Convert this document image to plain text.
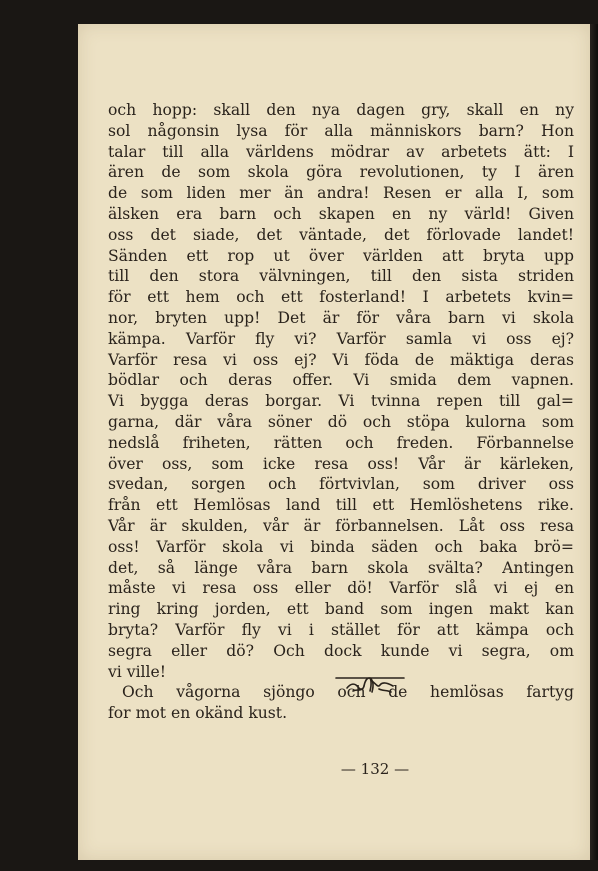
och hopp: skall den nya dagen gry, skall en ny
sol någonsin lysa för alla människors barn? Hon
talar till alla världens mödrar av arbetets ätt: I
ären de som skola göra revolutionen, ty I ären
de som liden mer än andra! Resen er alla I, som
älsken era barn och skapen en ny värld! Given
oss det siade, det väntade, det förlovade landet!
Sänden ett rop ut över världen att bryta upp
till den stora välvningen, till den sista striden
för ett hem och ett fosterland! I arbetets kvin=
nor, bryten upp! Det är för våra barn vi skola
kämpa. Varför fly vi? Varför samla vi oss ej?
Varför resa vi oss ej? Vi föda de mäktiga deras
bödlar och deras offer. Vi smida dem vapnen.
Vi bygga deras borgar. Vi tvinna repen till gal=
garna, där våra söner dö och stöpa kulorna som
nedslå friheten, rätten och freden. Förbannelse
över oss, som icke resa oss! Vår är kärleken,
svedan, sorgen och förtvivlan, som driver oss
från ett Hemlösas land till ett Hemlöshetens rike.
Vår är skulden, vår är förbannelsen. Låt oss resa
oss! Varför skola vi binda säden och baka brö=
det, så länge våra barn skola svälta? Antingen
måste vi resa oss eller dö! Varför slå vi ej en
ring kring jorden, ett band som ingen makt kan
bryta? Varför fly vi i stället för att kämpa och
segra eller dö? Och dock kunde vi segra, om
vi ville!
Och vågorna sjöngo och de hemlösas fartyg
for mot en okänd kust.
— 132 —
